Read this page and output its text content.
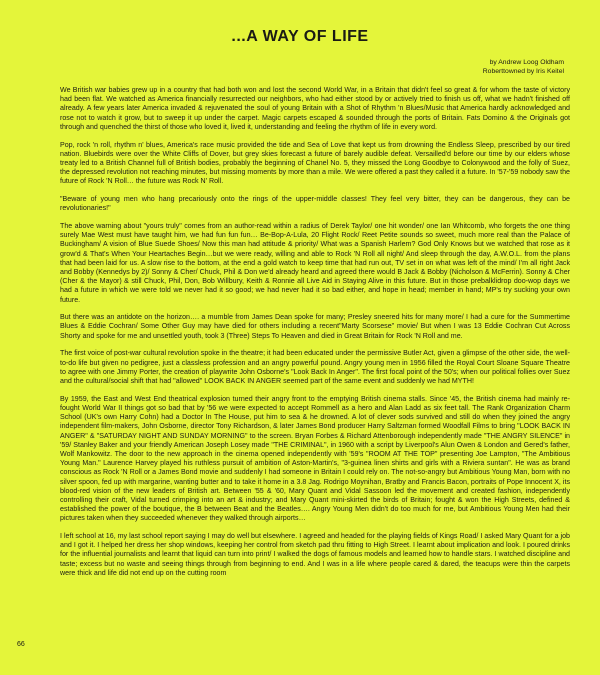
...A WAY OF LIFE
by Andrew Loog Oldham
Roberttowned by Iris Keitel

We British war babies grew up in a country that had both won and lost the second World War, in a Britain that didn't feel so great & for whom the taste of victory had been flat. We watched as America financially resurrected our neighbors, who had either stood by or actively tried to finish us off, what we hadn't finished off already. A few years later America invaded & rejuvenated the soul of young Britain with a Shot of Rhythm 'n Blues/Music that America hardly acknowledged and rose not to watch it grow, but to sweep it up under the carpet. Magic carpets escaped & sounded through the ports of Britain. Fats Domino & the Originals got through and quenched the thirst of those who loved it, lived it, understanding and feeling the rhythm of life in every word.

Pop, rock 'n roll, rhythm n' blues, America's race music provided the tide and Sea of Love that kept us from drowning the Endless Sleep, prescribed by our tired nation. Bluebirds were over the White Cliffs of Dover, but grey skies forecast a future of barely audible defeat. Versailled'd before our time by our elders whose treaty led to a British Channel full of British bodies, probably the beginning of Chanel No. 5, they missed the Long Goodbye to Colonywood and the folly of Suez, the depressed revolution not reaching minutes, but missing moments by more than a mile. We were offered a past they called it a future. In '57-'59 nobody saw the future of Rock 'N Roll… the future was Rock N' Roll.

"Beware of young men who hang precariously onto the rings of the upper-middle classes! They feel very bitter, they can be dangerous, they can be revolutionaries!"

The above warning about "yours truly" comes from an author-read within a radius of Derek Taylor/ one hit wonder/ one Ian Whitcomb, who forgets the one thing surely Mae West must have taught him, we had fun fun fun… Be-Bop-A-Lula, 20 Flight Rock/ Reet Petite sounds so sweet, much more real than the Palace of Buckingham/ A vision of Blue Suede Shoes/ Now this man had attitude & priority/ What was a Spanish Harlem? God Only Knows but we watched that rose as it grow'd & That's When Your Heartaches Begin…but we were ready, willing and able to Rock 'N Roll all night/ And sleep through the day, A.W.O.L. from the plans that had been laid for us. A slow rise to the bottom, at the end a gold watch to keep time that had run out, TV set in on what was left of the mind/ I'm all right Jack and Bobby (Kennedys by 2)/ Sonny & Cher/ Chuck, Phil & Don we'd already heard and agreed there would B Jack & Bobby (Nicholson & McFerrin). Sonny & Cher (Cher & the Mayor) & still Chuck, Phil, Don, Bob Willbury, Keith & Ronnie all Live Aid in Staying Alive in this future. But in those prebalklidrop doo-wop days we had a future in which we were told we never had it so good; we had never had it so bad either, and hope in head; member in hand; MP's try sucking your own future.

But there was an antidote on the horizon…. a mumble from James Dean spoke for many; Presley sneered hits for many more/ I had a cure for the Summertime Blues & Eddie Cochran/ Some Other Guy may have died for others including a recent"Marty Scorsese" movie/ But when I was 13 Eddie Cochran Cut Across Shorty and spoke for me and unsettled youth, took 3 (Three) Steps To Heaven and died in Great Britain for Rock 'N Roll and me.

The first voice of post-war cultural revolution spoke in the theatre; it had been educated under the permissive Butler Act, given a glimpse of the other side, the well-to-do life but given no pedigree, just a classless profession and an angry powerful pound. Angry young men in 1956 filled the Royal Court Sloane Square Theatre to agree with one Jimmy Porter, the creation of playwrite John Osborne's "Look Back In Anger". The first focal point of the 50's; when our political follies over Suez and the cultural/social shift that had "allowed" LOOK BACK IN ANGER seemed part of the same event and suddenly we had MYTH!

By 1959, the East and West End theatrical explosion turned their angry front to the emptying British cinema stalls. Since '45, the British cinema had mainly re-fought World War II things got so bad that by '56 we were expected to accept Rommell as a hero and Alan Ladd as six feet tall. The Rank Organization Charm School (UK's own Harry Cohn) had a Doctor In The House, put him to sea & he drowned. A lot of clever sods survived and still do when they joined the angry independent film-makers, John Osborne, director Tony Richardson, & later James Bond producer Harry Saltzman formed Woodfall Films to bring "LOOK BACK IN ANGER" & "SATURDAY NIGHT AND SUNDAY MORNING" to the screen. Bryan Forbes & Richard Attenborough independently made "THE ANGRY SILENCE" in '59/ Stanley Baker and your friendly American Joseph Losey made "THE CRIMINAL", in 1960 with a script by Liverpool's Alun Owen & London and Gered's father, Wolf Mankowitz. The door to the new approach in the cinema opened independently with '59's "ROOM AT THE TOP" presenting Joe Lampton, "The Ambitious Young Man." Laurence Harvey played his ruthless pursuit of ambition of Aston-Martin's, "3-guinea linen shirts and girls with a Riviera suntan". He was as brand conscious as Rock 'N Roll or a James Bond movie and suddenly I had someone in Britain I could rely on. The not-so-angry but Ambitious Young Man, born with no silver spoon, fed up with margarine, wanting butter and to take it home in a 3.8 Jag. Rodrigo Moynihan, Bratby and Francis Bacon, portraits of Pope Innocent X, its blood-red vision of the new leaders of British art. Between '55 & '60, Mary Quant and Vidal Sassoon led the movement and created fashion, independently controlling their craft, Vidal turned crimping into an art & industry; and Mary Quant mini-skirted the birds of Britain; fought & won the High Streets, defined & established the power of the boutique, the B between Beat and the Beatles…. Angry Young Men didn't do too much for me, but Ambitious Young Men had their pictures taken when they succeeded whenever they walked through airports…

I left school at 16, my last school report saying I may do well but elsewhere. I agreed and headed for the playing fields of Kings Road/ I asked Mary Quant for a job and I got it. I helped her dress her shop windows, keeping her control from sketch pad thru fitting to High Street. I learnt about implication and look. I poured drinks for the influential journalists and learnt that liquid can turn into print/ I walked the dogs of famous models and learned how to handle stars. I watched discipline and taste; excess but no waste and seeing things through from beginning to end. And I was in a life where people cared & dared, the teacups were thin the carpets were thick and life did not end up on the cutting room

66
